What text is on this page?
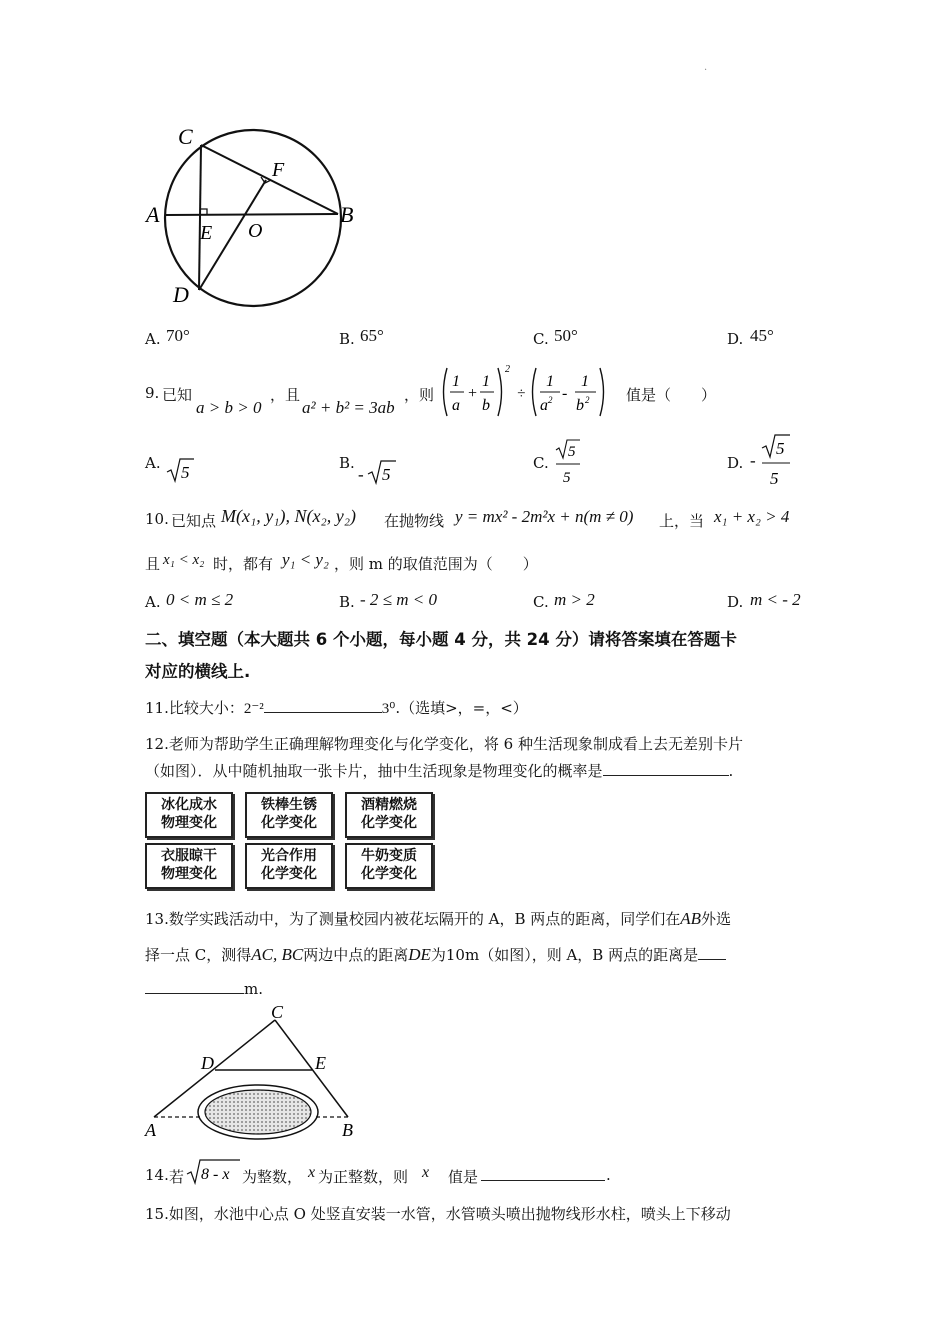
.
C
F
A
E O
B
D
A. 70°	B. 65°	C. 50°	D. 45°
9. 已知
a > b > 0
，且
a² + b² = 3ab
，则
1
a
+
1
b
2
÷
1
a 2 -
1
b 2 值是（　　）
A. 5	B.
- 5
C.
5
5
D. -
5
5
10. 已知点 M(x₁, y₁), N(x₂, y₂) 在抛物线 y = mx² - 2m²x + n(m ≠ 0) 上，当 x₁ + x₂ > 4
且 x₁ < x₂ 时，都有 y₁ < y₂ ，则 m 的取值范围为（　　）
A. 0 < m ≤ 2	B. - 2 ≤ m < 0	C. m > 2	D. m < - 2
二、填空题（本大题共 6 个小题，每小题 4 分，共 24 分）请将答案填在答题卡
对应的横线上.
11.比较大小：2⁻²	3⁰.（选填>，=，<）
12.老师为帮助学生正确理解物理变化与化学变化，将 6 种生活现象制成看上去无差别卡片
（如图）．从中随机抽取一张卡片，抽中生活现象是物理变化的概率是	.
冰化成水
物理变化
铁棒生锈
化学变化
酒精燃烧
化学变化
衣服晾干
物理变化
光合作用
化学变化
牛奶变质
化学变化
13.数学实践活动中，为了测量校园内被花坛隔开的 A，B 两点的距离，同学们在AB外选
择一点 C，测得AC, BC两边中点的距离DE为10m（如图），则 A，B 两点的距离是
m.
C
D	E
A	B
14. 若 8 - x 为整数， x 为正整数，则 x 值是	.
15.如图，水池中心点 O 处竖直安装一水管，水管喷头喷出抛物线形水柱，喷头上下移动
